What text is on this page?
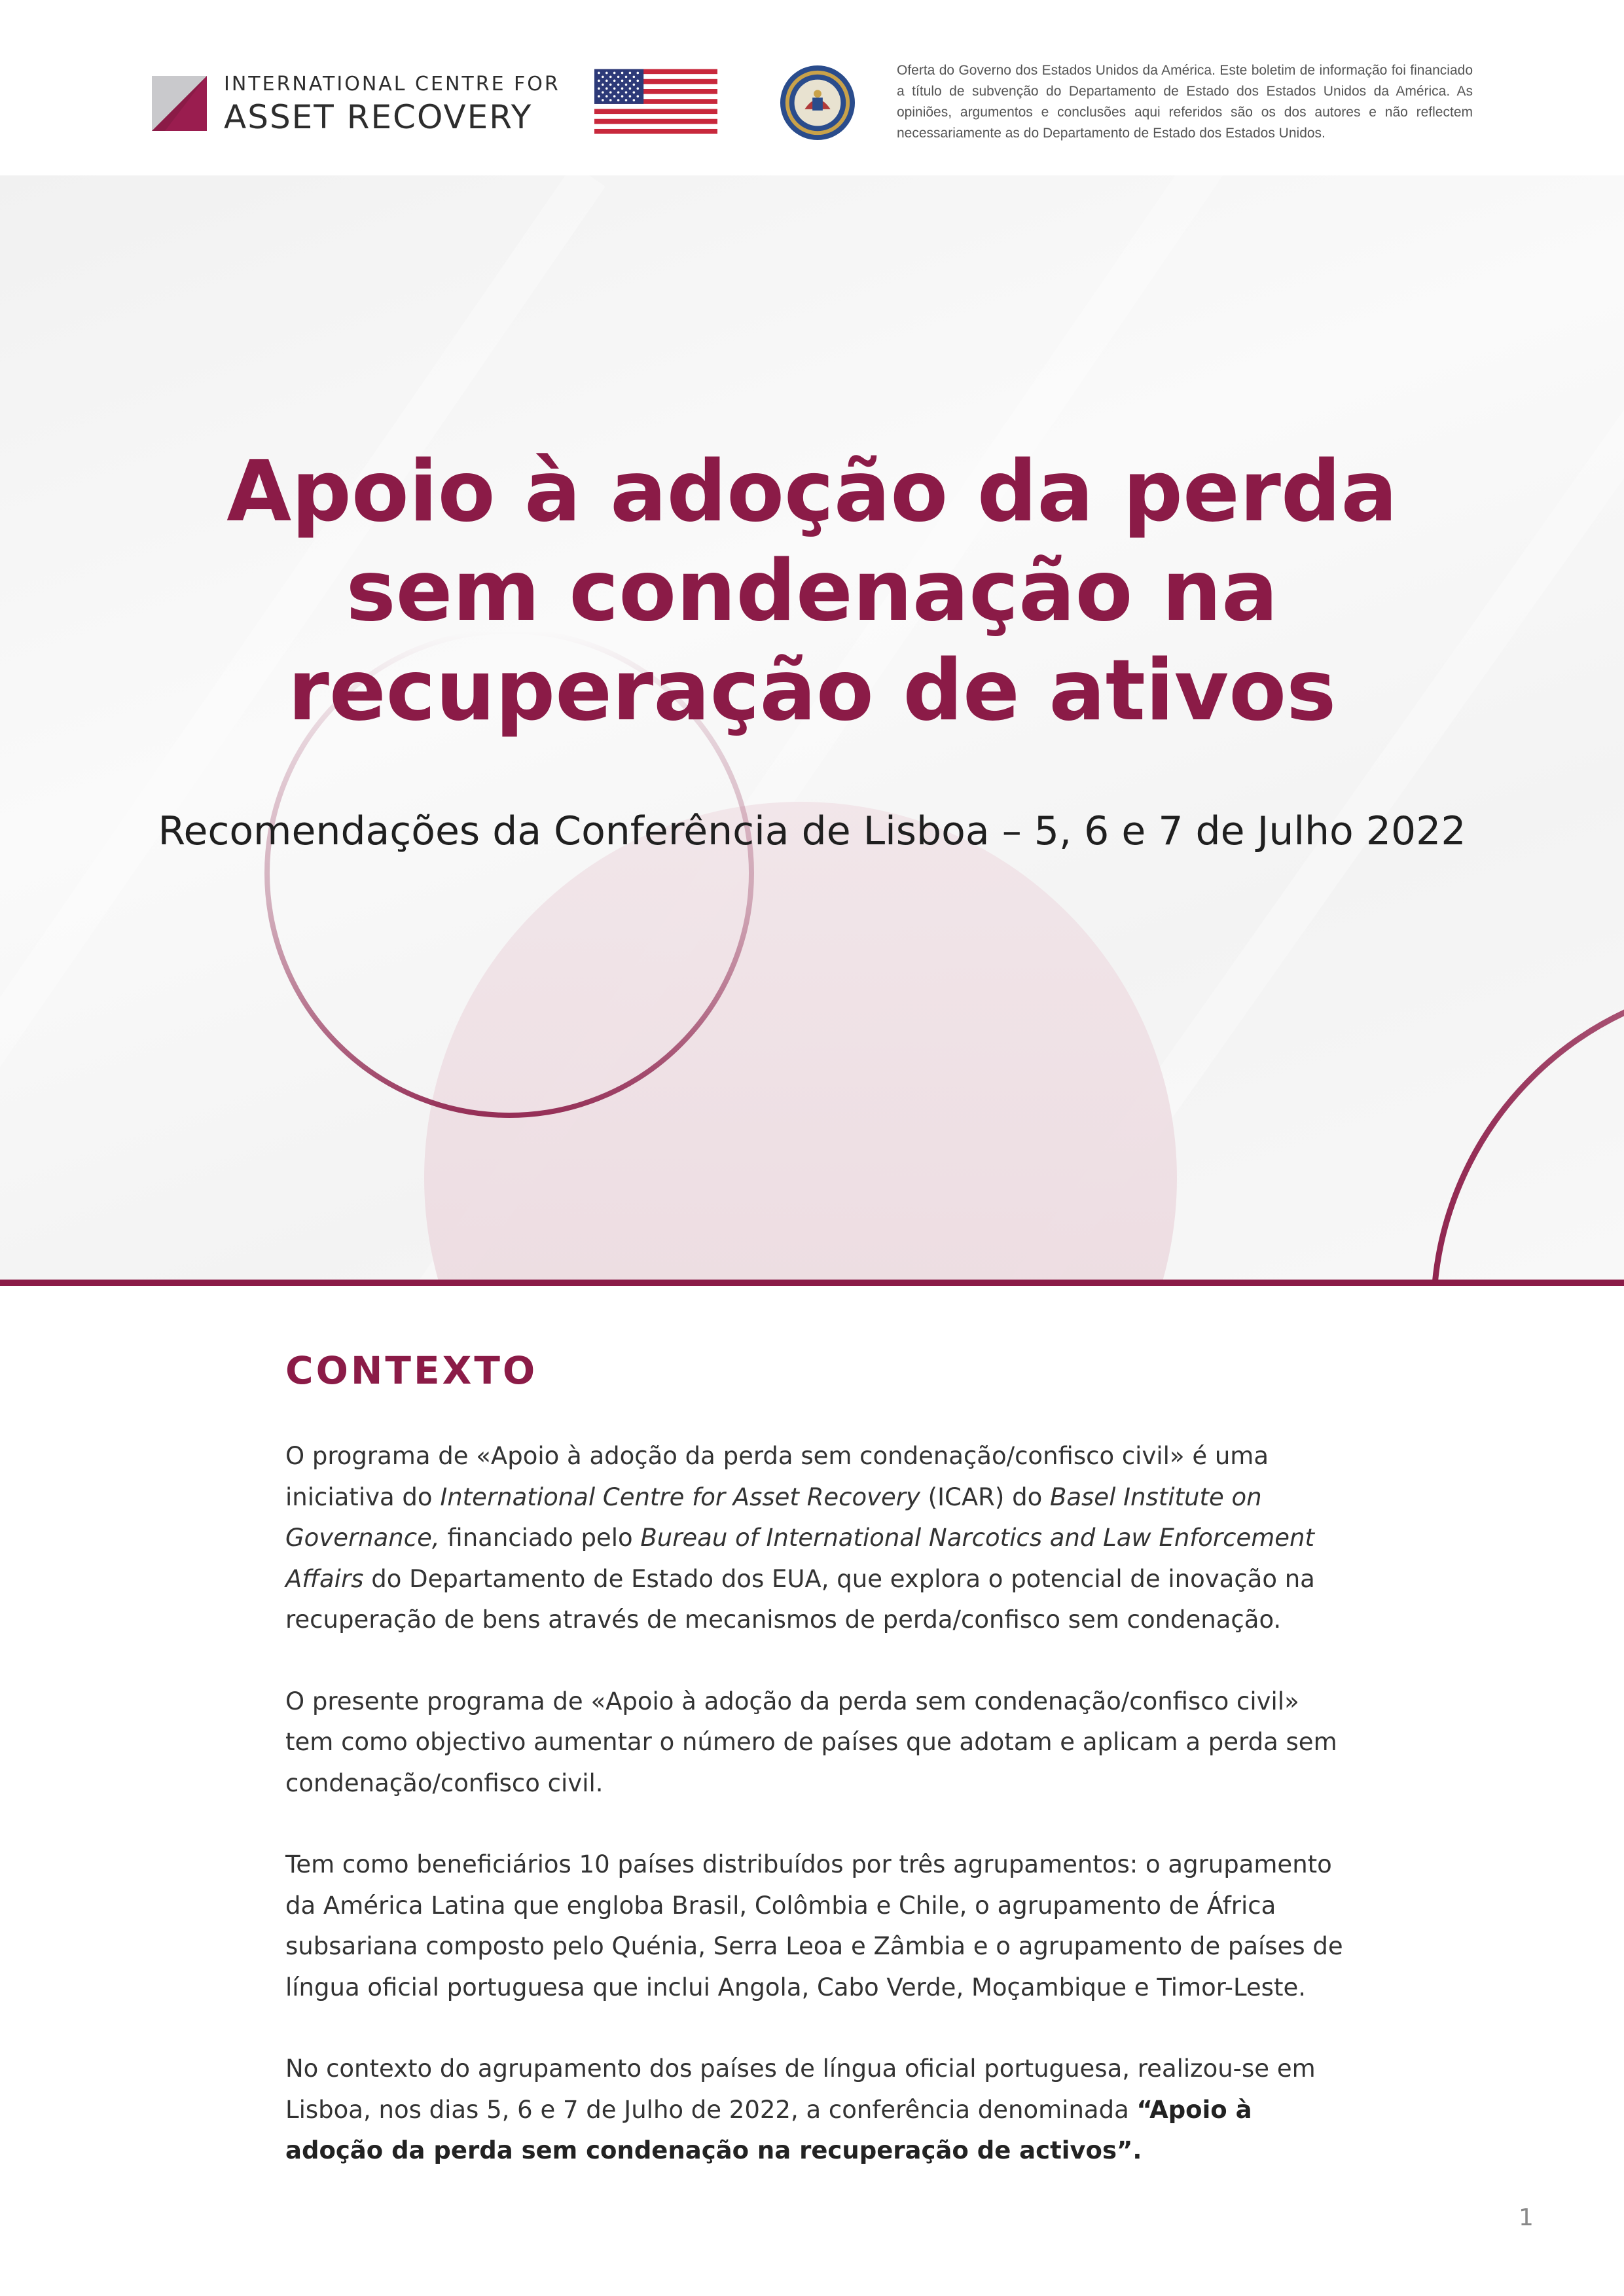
INTERNATIONAL CENTRE FOR
ASSET RECOVERY
Oferta do Governo dos Estados Unidos da América. Este boletim de informação foi financiado a título de subvenção do Departamento de Estado dos Estados Unidos da América. As opiniões, argumentos e conclusões aqui referidos são os dos autores e não reflectem necessariamente as do Departamento de Estado dos Estados Unidos.
Apoio à adoção da perda
sem condenação na
recuperação de ativos
Recomendações da Conferência de Lisboa – 5, 6 e 7 de Julho 2022
CONTEXTO

O programa de «Apoio à adoção da perda sem condenação/confisco civil» é uma iniciativa do International Centre for Asset Recovery (ICAR) do Basel Institute on Governance, financiado pelo Bureau of International Narcotics and Law Enforcement Affairs do Departamento de Estado dos EUA, que explora o potencial de inovação na recuperação de bens através de mecanismos de perda/confisco sem condenação.

O presente programa de «Apoio à adoção da perda sem condenação/confisco civil» tem como objectivo aumentar o número de países que adotam e aplicam a perda sem condenação/confisco civil.

Tem como beneficiários 10 países distribuídos por três agrupamentos: o agrupamento da América Latina que engloba Brasil, Colômbia e Chile, o agrupamento de África subsariana composto pelo Quénia, Serra Leoa e Zâmbia e o agrupamento de países de língua oficial portuguesa que inclui Angola, Cabo Verde, Moçambique e Timor-Leste.

No contexto do agrupamento dos países de língua oficial portuguesa, realizou-se em Lisboa, nos dias 5, 6 e 7 de Julho de 2022, a conferência denominada “Apoio à adoção da perda sem condenação na recuperação de activos”.

1
